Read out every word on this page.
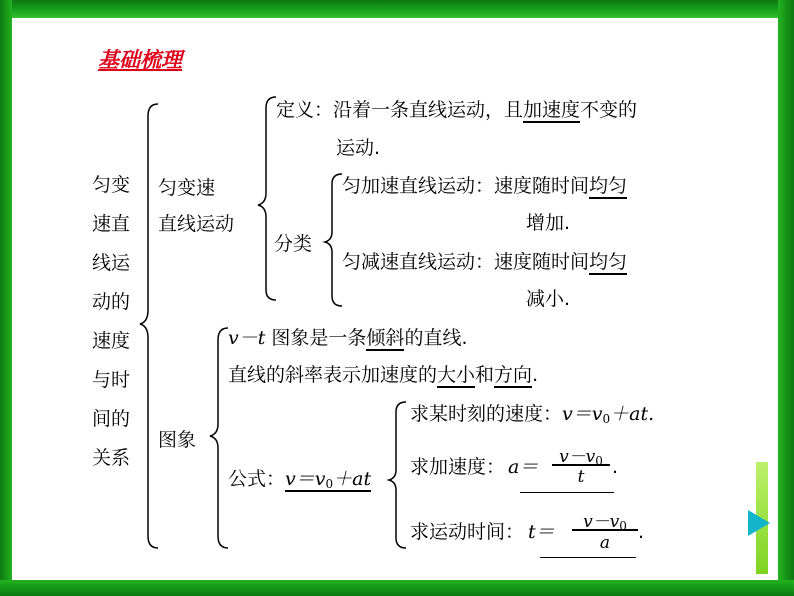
基础梳理
匀变速直线运动的速度与时间的关系
匀变速
直线运动
定义：沿着一条直线运动，且加速度不变的
运动.
分类
匀加速直线运动：速度随时间均匀
增加.
匀减速直线运动：速度随时间均匀
减小.
图象
v－t 图象是一条倾斜的直线.
直线的斜率表示加速度的大小和方向.
公式：$v=v_0+at$
求某时刻的速度：$v=v_0+at$.
求加速度： a＝	$v-v_0$
t	.
求运动时间： t＝	$v-v_0$
a	.
